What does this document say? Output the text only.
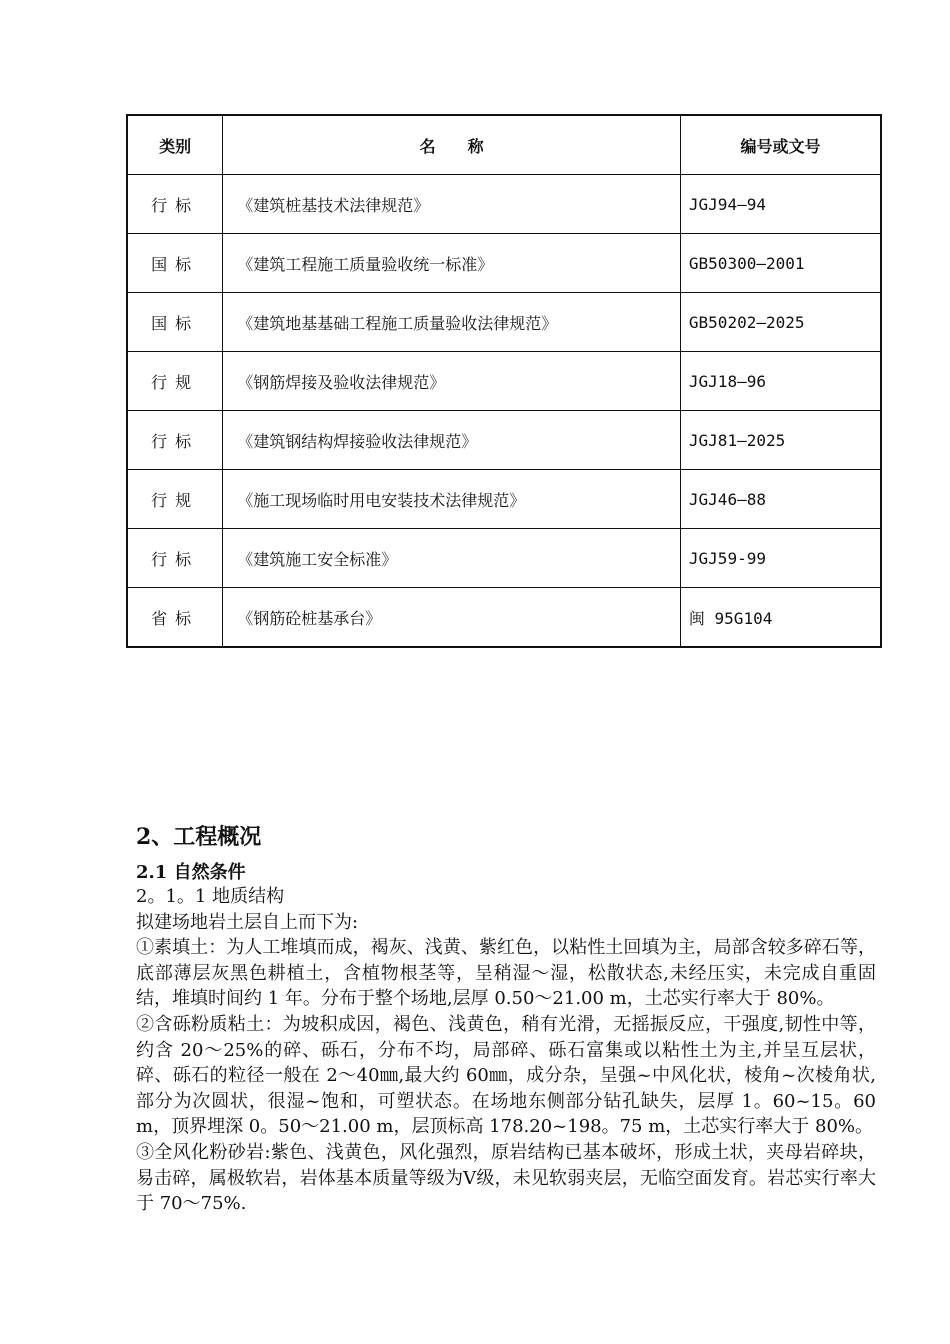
类别	名　　称	编号或文号
行标	《建筑桩基技术法律规范》	JGJ94—94
国标	《建筑工程施工质量验收统一标准》	GB50300—2001
国标	《建筑地基基础工程施工质量验收法律规范》	GB50202—2025
行规	《钢筋焊接及验收法律规范》	JGJ18—96
行标	《建筑钢结构焊接验收法律规范》	JGJ81—2025
行规	《施工现场临时用电安装技术法律规范》	JGJ46—88
行标	《建筑施工安全标准》	JGJ59-99
省标	《钢筋砼桩基承台》	闽 95G104
2、工程概况
2.1 自然条件

2。1。1 地质结构

拟建场地岩土层自上而下为:

①素填土：为人工堆填而成，褐灰、浅黄、紫红色，以粘性土回填为主，局部含较多碎石等，底部薄层灰黑色耕植土，含植物根茎等，呈稍湿～湿，松散状态,未经压实，未完成自重固结，堆填时间约 1 年。分布于整个场地,层厚 0.50～21.00 m，土芯实行率大于 80%。

②含砾粉质粘土：为坡积成因，褐色、浅黄色，稍有光滑，无摇振反应，干强度,韧性中等，约含 20～25%的碎、砾石，分布不均，局部碎、砾石富集或以粘性土为主,并呈互层状，碎、砾石的粒径一般在 2～40㎜,最大约 60㎜，成分杂，呈强~中风化状，棱角~次棱角状,部分为次圆状，很湿~饱和，可塑状态。在场地东侧部分钻孔缺失，层厚 1。60~15。60 m，顶界埋深 0。50～21.00 m，层顶标高 178.20~198。75 m，土芯实行率大于 80%。

③全风化粉砂岩:紫色、浅黄色，风化强烈，原岩结构已基本破坏，形成土状，夹母岩碎块，易击碎，属极软岩，岩体基本质量等级为Ⅴ级，未见软弱夹层，无临空面发育。岩芯实行率大于 70～75%.
